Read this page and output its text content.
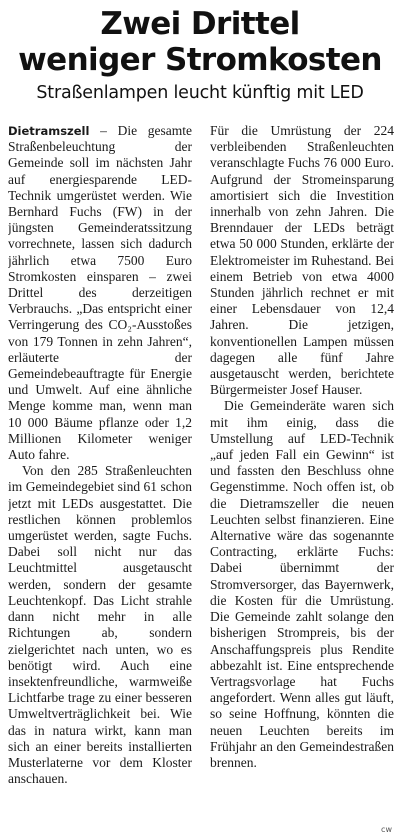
Zwei Drittel
weniger Stromkosten
Straßenlampen leucht künftig mit LED

Dietramszell – Die gesamte Straßenbeleuchtung der Gemeinde soll im nächsten Jahr auf energiesparende LED-Technik umgerüstet werden. Wie Bernhard Fuchs (FW) in der jüngsten Gemeinderatssitzung vorrechnete, lassen sich dadurch jährlich etwa 7500 Euro Stromkosten einsparen – zwei Drittel des derzeitigen Verbrauchs. „Das entspricht einer Verringerung des CO₂-Ausstoßes von 179 Tonnen in zehn Jahren“, erläuterte der Gemeindebeauftragte für Energie und Umwelt. Auf eine ähnliche Menge komme man, wenn man 10 000 Bäume pflanze oder 1,2 Millionen Kilometer weniger Auto fahre.

Von den 285 Straßenleuchten im Gemeindegebiet sind 61 schon jetzt mit LEDs ausgestattet. Die restlichen können problemlos umgerüstet werden, sagte Fuchs. Dabei soll nicht nur das Leuchtmittel ausgetauscht werden, sondern der gesamte Leuchtenkopf. Das Licht strahle dann nicht mehr in alle Richtungen ab, sondern zielgerichtet nach unten, wo es benötigt wird. Auch eine insektenfreundliche, warmweiße Lichtfarbe trage zu einer besseren Umweltverträglichkeit bei. Wie das in natura wirkt, kann man sich an einer bereits installierten Musterlaterne vor dem Kloster anschauen.

Für die Umrüstung der 224 verbleibenden Straßenleuchten veranschlagte Fuchs 76 000 Euro. Aufgrund der Stromeinsparung amortisiert sich die Investition innerhalb von zehn Jahren. Die Brenndauer der LEDs beträgt etwa 50 000 Stunden, erklärte der Elektromeister im Ruhestand. Bei einem Betrieb von etwa 4000 Stunden jährlich rechnet er mit einer Lebensdauer von 12,4 Jahren. Die jetzigen, konventionellen Lampen müssen dagegen alle fünf Jahre ausgetauscht werden, berichtete Bürgermeister Josef Hauser.

Die Gemeinderäte waren sich mit ihm einig, dass die Umstellung auf LED-Technik „auf jeden Fall ein Gewinn“ ist und fassten den Beschluss ohne Gegenstimme. Noch offen ist, ob die Dietramszeller die neuen Leuchten selbst finanzieren. Eine Alternative wäre das sogenannte Contracting, erklärte Fuchs: Dabei übernimmt der Stromversorger, das Bayernwerk, die Kosten für die Umrüstung. Die Gemeinde zahlt solange den bisherigen Strompreis, bis der Anschaffungspreis plus Rendite abbezahlt ist. Eine entsprechende Vertragsvorlage hat Fuchs angefordert. Wenn alles gut läuft, so seine Hoffnung, könnten die neuen Leuchten bereits im Frühjahr an den Gemeindestraßen brennen.

cw
